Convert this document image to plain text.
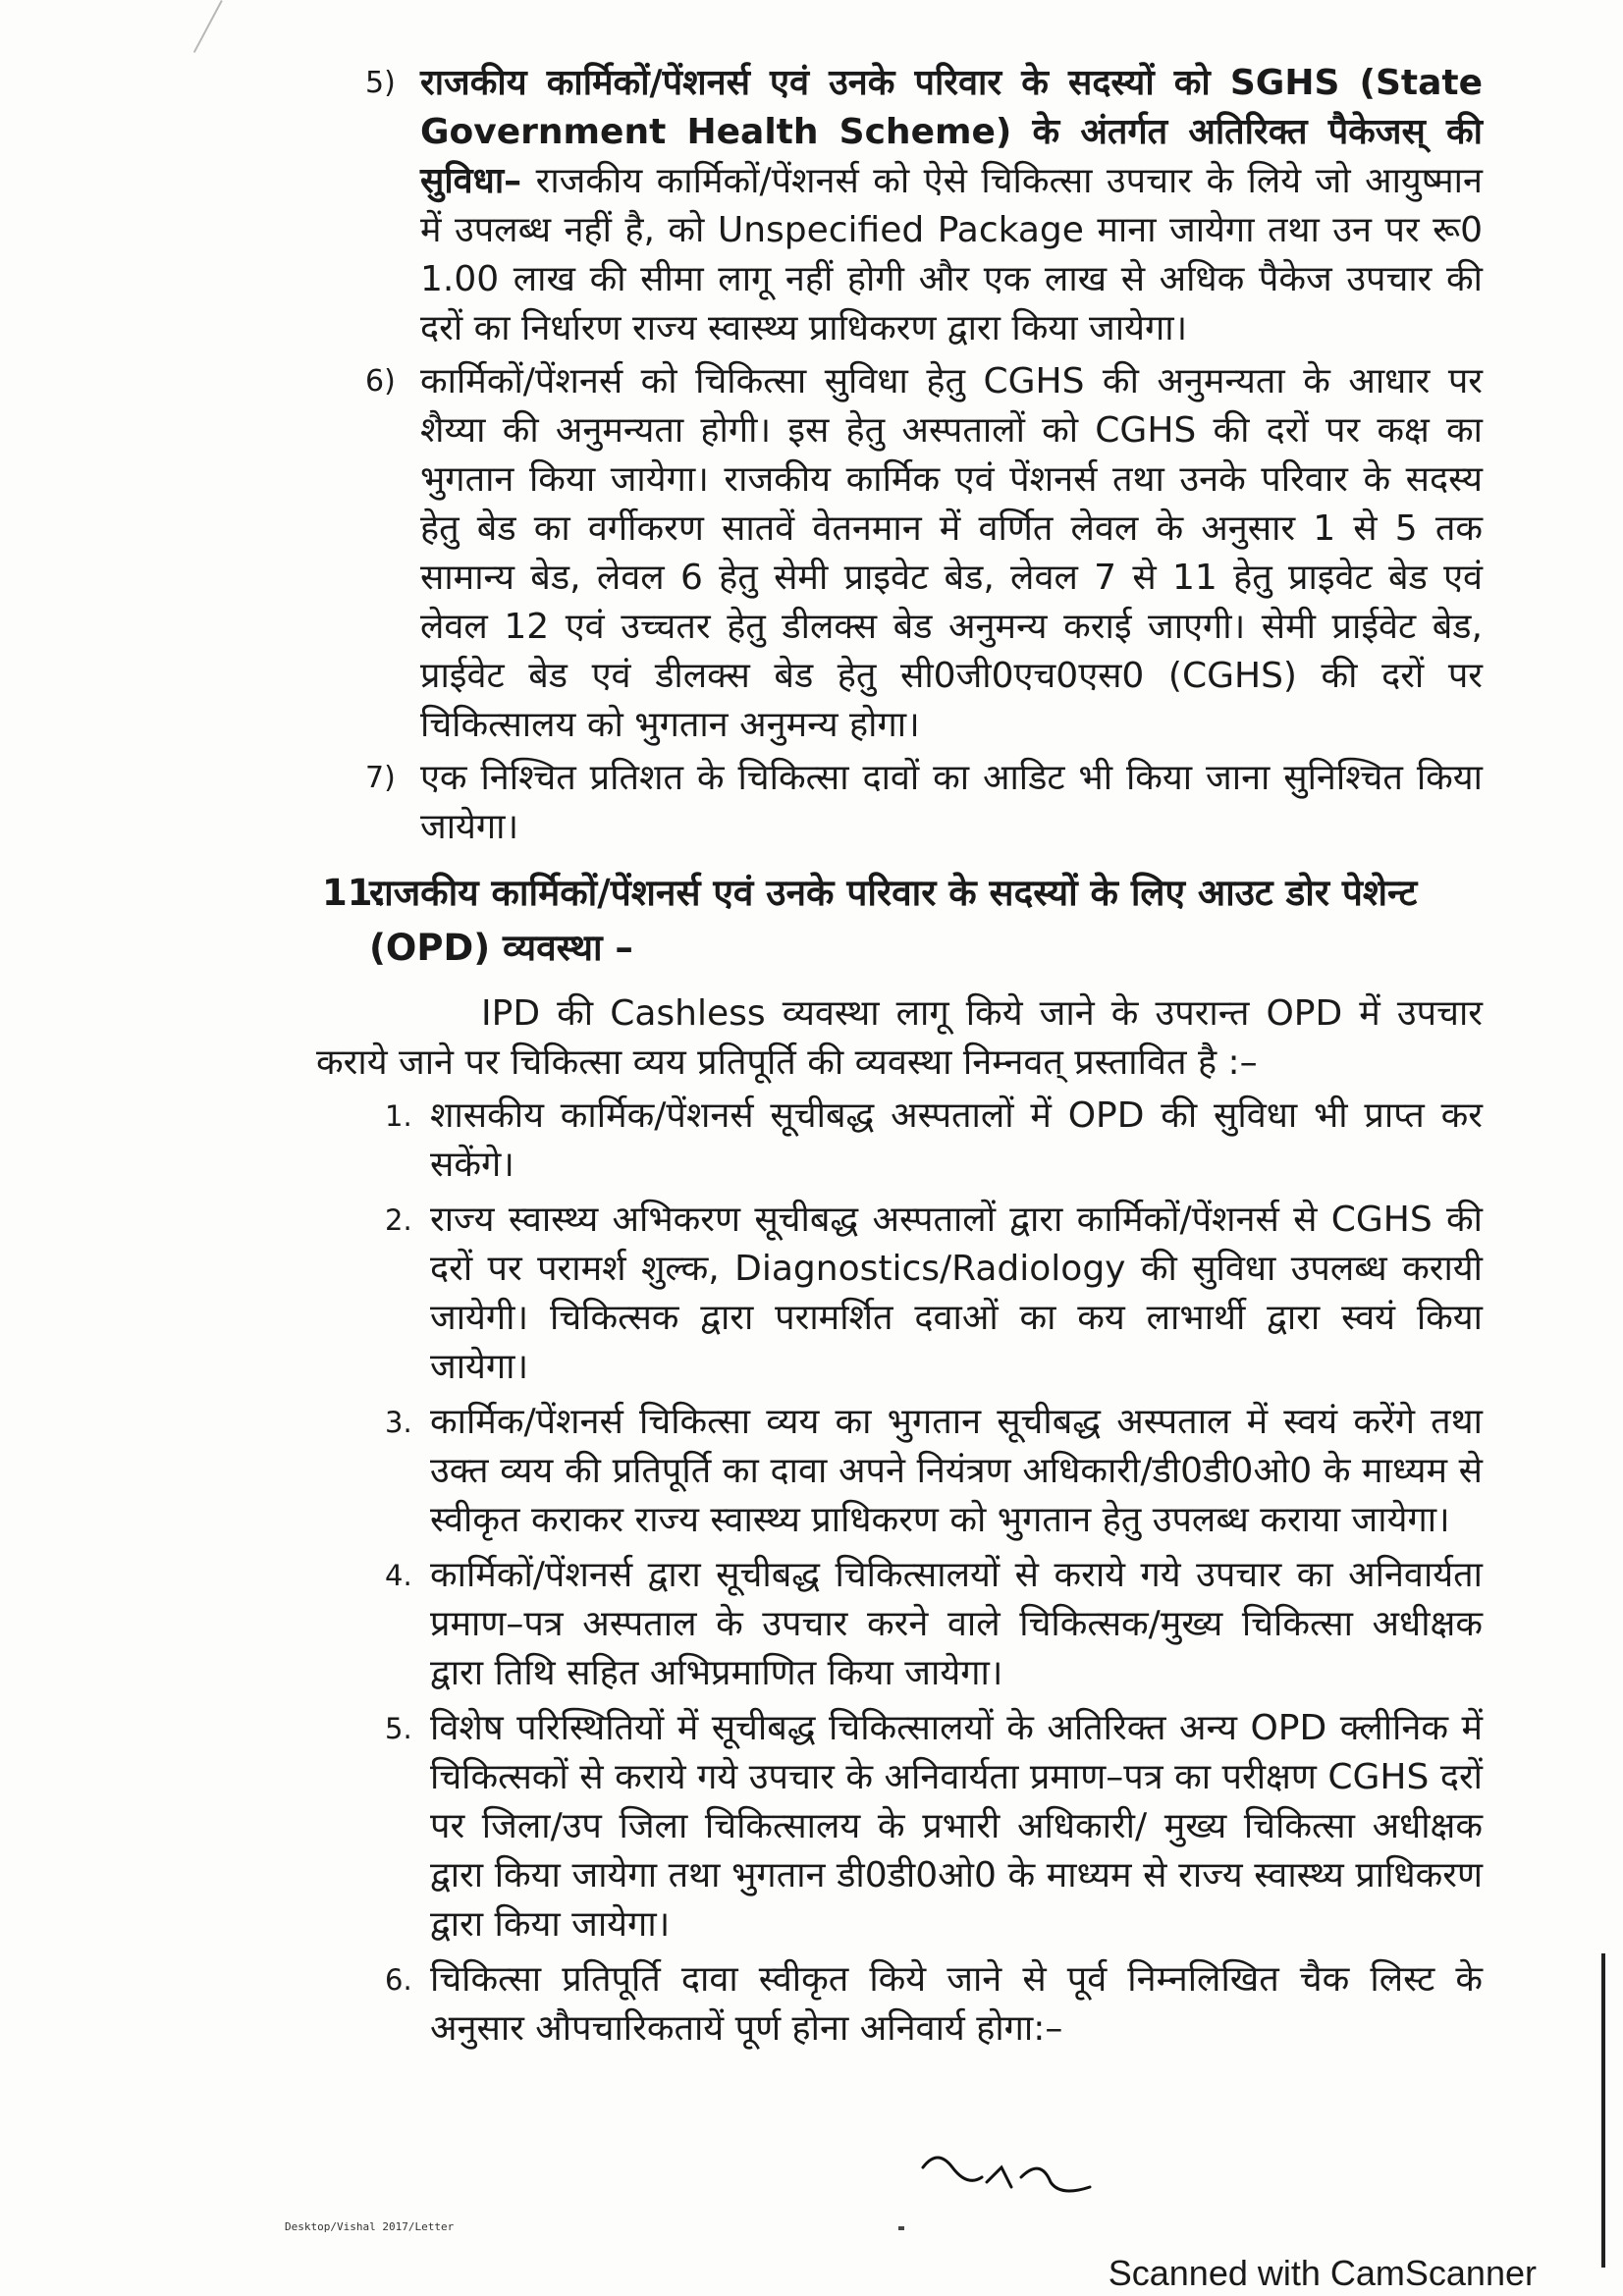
5) राजकीय कार्मिकों/पेंशनर्स एवं उनके परिवार के सदस्यों को SGHS (State Government Health Scheme) के अंतर्गत अतिरिक्त पैकेजस् की सुविधा– राजकीय कार्मिकों/पेंशनर्स को ऐसे चिकित्सा उपचार के लिये जो आयुष्मान में उपलब्ध नहीं है, को Unspecified Package माना जायेगा तथा उन पर रू0 1.00 लाख की सीमा लागू नहीं होगी और एक लाख से अधिक पैकेज उपचार की दरों का निर्धारण राज्य स्वास्थ्य प्राधिकरण द्वारा किया जायेगा।
6) कार्मिकों/पेंशनर्स को चिकित्सा सुविधा हेतु CGHS की अनुमन्यता के आधार पर शैय्या की अनुमन्यता होगी। इस हेतु अस्पतालों को CGHS की दरों पर कक्ष का भुगतान किया जायेगा। राजकीय कार्मिक एवं पेंशनर्स तथा उनके परिवार के सदस्य हेतु बेड का वर्गीकरण सातवें वेतनमान में वर्णित लेवल के अनुसार 1 से 5 तक सामान्य बेड, लेवल 6 हेतु सेमी प्राइवेट बेड, लेवल 7 से 11 हेतु प्राइवेट बेड एवं लेवल 12 एवं उच्चतर हेतु डीलक्स बेड अनुमन्य कराई जाएगी। सेमी प्राईवेट बेड, प्राईवेट बेड एवं डीलक्स बेड हेतु सी0जी0एच0एस0 (CGHS) की दरों पर चिकित्सालय को भुगतान अनुमन्य होगा।
7) एक निश्चित प्रतिशत के चिकित्सा दावों का आडिट भी किया जाना सुनिश्चित किया जायेगा।
11.
राजकीय कार्मिकों/पेंशनर्स एवं उनके परिवार के सदस्यों के लिए आउट डोर पेशेन्ट (OPD) व्यवस्था –
IPD की Cashless व्यवस्था लागू किये जाने के उपरान्त OPD में उपचार कराये जाने पर चिकित्सा व्यय प्रतिपूर्ति की व्यवस्था निम्नवत् प्रस्तावित है :–
1. शासकीय कार्मिक/पेंशनर्स सूचीबद्ध अस्पतालों में OPD की सुविधा भी प्राप्त कर सकेंगे।
2. राज्य स्वास्थ्य अभिकरण सूचीबद्ध अस्पतालों द्वारा कार्मिकों/पेंशनर्स से CGHS की दरों पर परामर्श शुल्क, Diagnostics/Radiology की सुविधा उपलब्ध करायी जायेगी। चिकित्सक द्वारा परामर्शित दवाओं का कय लाभार्थी द्वारा स्वयं किया जायेगा।
3. कार्मिक/पेंशनर्स चिकित्सा व्यय का भुगतान सूचीबद्ध अस्पताल में स्वयं करेंगे तथा उक्त व्यय की प्रतिपूर्ति का दावा अपने नियंत्रण अधिकारी/डी0डी0ओ0 के माध्यम से स्वीकृत कराकर राज्य स्वास्थ्य प्राधिकरण को भुगतान हेतु उपलब्ध कराया जायेगा।
4. कार्मिकों/पेंशनर्स द्वारा सूचीबद्ध चिकित्सालयों से कराये गये उपचार का अनिवार्यता प्रमाण–पत्र अस्पताल के उपचार करने वाले चिकित्सक/मुख्य चिकित्सा अधीक्षक द्वारा तिथि सहित अभिप्रमाणित किया जायेगा।
5. विशेष परिस्थितियों में सूचीबद्ध चिकित्सालयों के अतिरिक्त अन्य OPD क्लीनिक में चिकित्सकों से कराये गये उपचार के अनिवार्यता प्रमाण–पत्र का परीक्षण CGHS दरों पर जिला/उप जिला चिकित्सालय के प्रभारी अधिकारी/ मुख्य चिकित्सा अधीक्षक द्वारा किया जायेगा तथा भुगतान डी0डी0ओ0 के माध्यम से राज्य स्वास्थ्य प्राधिकरण द्वारा किया जायेगा।
6. चिकित्सा प्रतिपूर्ति दावा स्वीकृत किये जाने से पूर्व निम्नलिखित चैक लिस्ट के अनुसार औपचारिकतायें पूर्ण होना अनिवार्य होगा:–
Desktop/Vishal 2017/Letter
Scanned with CamScanner
